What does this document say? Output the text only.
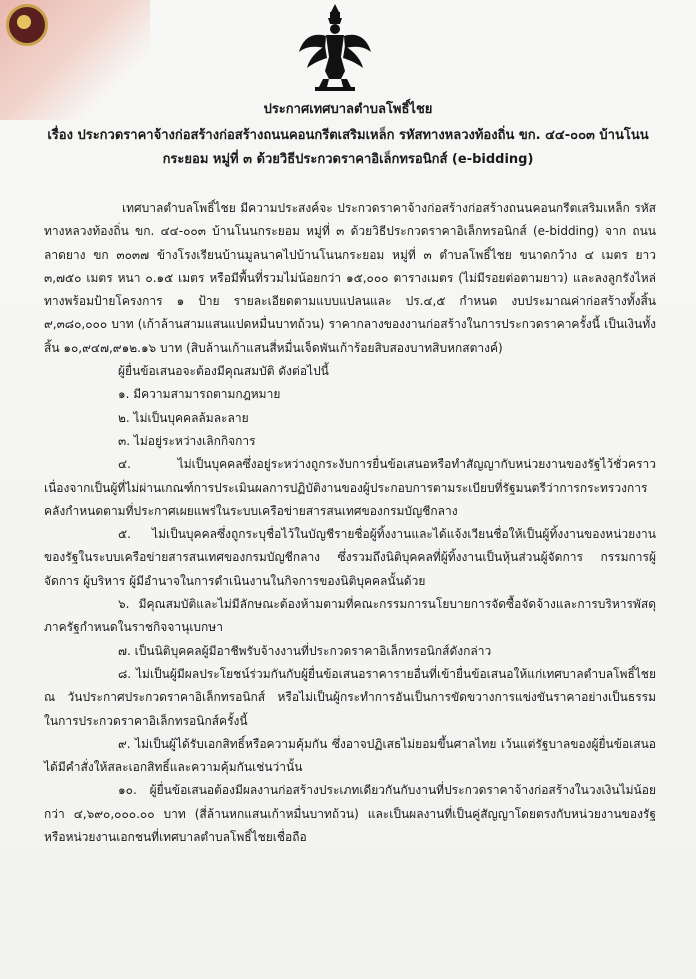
ประกาศเทศบาลตำบลโพธิ์ไชย
เรื่อง ประกวดราคาจ้างก่อสร้างก่อสร้างถนนคอนกรีตเสริมเหล็ก รหัสทางหลวงท้องถิ่น ขก. ๔๔-๐๐๓ บ้านโนน
กระยอม หมู่ที่ ๓ ด้วยวิธีประกวดราคาอิเล็กทรอนิกส์ (e-bidding)

เทศบาลตำบลโพธิ์ไชย มีความประสงค์จะ ประกวดราคาจ้างก่อสร้างก่อสร้างถนนคอนกรีตเสริมเหล็ก รหัสทางหลวงท้องถิ่น ขก. ๔๔-๐๐๓ บ้านโนนกระยอม หมู่ที่ ๓ ด้วยวิธีประกวดราคาอิเล็กทรอนิกส์ (e-bidding) จาก ถนนลาดยาง ขก ๓๐๓๗ ข้างโรงเรียนบ้านมูลนาคไปบ้านโนนกระยอม หมู่ที่ ๓ ตำบลโพธิ์ไชย ขนาดกว้าง ๔ เมตร ยาว ๓,๗๕๐ เมตร หนา ๐.๑๕ เมตร หรือมีพื้นที่รวมไม่น้อยกว่า ๑๕,๐๐๐ ตารางเมตร (ไม่มีรอยต่อตามยาว) และลงลูกรังไหล่ทางพร้อมป้ายโครงการ ๑ ป้าย รายละเอียดตามแบบแปลนและ ปร.๔,๕ กำหนด งบประมาณค่าก่อสร้างทั้งสิ้น ๙,๓๘๐,๐๐๐ บาท (เก้าล้านสามแสนแปดหมื่นบาทถ้วน) ราคากลางของงานก่อสร้างในการประกวดราคาครั้งนี้ เป็นเงินทั้งสิ้น ๑๐,๙๔๗,๙๑๒.๑๖ บาท (สิบล้านเก้าแสนสี่หมื่นเจ็ดพันเก้าร้อยสิบสองบาทสิบหกสตางค์)

ผู้ยื่นข้อเสนอจะต้องมีคุณสมบัติ ดังต่อไปนี้

๑. มีความสามารถตามกฎหมาย

๒. ไม่เป็นบุคคลล้มละลาย

๓. ไม่อยู่ระหว่างเลิกกิจการ

๔. ไม่เป็นบุคคลซึ่งอยู่ระหว่างถูกระงับการยื่นข้อเสนอหรือทำสัญญากับหน่วยงานของรัฐไว้ชั่วคราว เนื่องจากเป็นผู้ที่ไม่ผ่านเกณฑ์การประเมินผลการปฏิบัติงานของผู้ประกอบการตามระเบียบที่รัฐมนตรีว่าการกระทรวงการคลังกำหนดตามที่ประกาศเผยแพร่ในระบบเครือข่ายสารสนเทศของกรมบัญชีกลาง

๕. ไม่เป็นบุคคลซึ่งถูกระบุชื่อไว้ในบัญชีรายชื่อผู้ทิ้งงานและได้แจ้งเวียนชื่อให้เป็นผู้ทิ้งงานของหน่วยงานของรัฐในระบบเครือข่ายสารสนเทศของกรมบัญชีกลาง ซึ่งรวมถึงนิติบุคคลที่ผู้ทิ้งงานเป็นหุ้นส่วนผู้จัดการ กรรมการผู้จัดการ ผู้บริหาร ผู้มีอำนาจในการดำเนินงานในกิจการของนิติบุคคลนั้นด้วย

๖. มีคุณสมบัติและไม่มีลักษณะต้องห้ามตามที่คณะกรรมการนโยบายการจัดซื้อจัดจ้างและการบริหารพัสดุภาครัฐกำหนดในราชกิจจานุเบกษา

๗. เป็นนิติบุคคลผู้มีอาชีพรับจ้างงานที่ประกวดราคาอิเล็กทรอนิกส์ดังกล่าว

๘. ไม่เป็นผู้มีผลประโยชน์ร่วมกันกับผู้ยื่นข้อเสนอราคารายอื่นที่เข้ายื่นข้อเสนอให้แก่เทศบาลตำบลโพธิ์ไชย ณ วันประกาศประกวดราคาอิเล็กทรอนิกส์ หรือไม่เป็นผู้กระทำการอันเป็นการขัดขวางการแข่งขันราคาอย่างเป็นธรรม ในการประกวดราคาอิเล็กทรอนิกส์ครั้งนี้

๙. ไม่เป็นผู้ได้รับเอกสิทธิ์หรือความคุ้มกัน ซึ่งอาจปฏิเสธไม่ยอมขึ้นศาลไทย เว้นแต่รัฐบาลของผู้ยื่นข้อเสนอได้มีคำสั่งให้สละเอกสิทธิ์และความคุ้มกันเช่นว่านั้น

๑๐. ผู้ยื่นข้อเสนอต้องมีผลงานก่อสร้างประเภทเดียวกันกับงานที่ประกวดราคาจ้างก่อสร้างในวงเงินไม่น้อยกว่า ๔,๖๙๐,๐๐๐.๐๐ บาท (สี่ล้านหกแสนเก้าหมื่นบาทถ้วน) และเป็นผลงานที่เป็นคู่สัญญาโดยตรงกับหน่วยงานของรัฐ หรือหน่วยงานเอกชนที่เทศบาลตำบลโพธิ์ไชยเชื่อถือ
